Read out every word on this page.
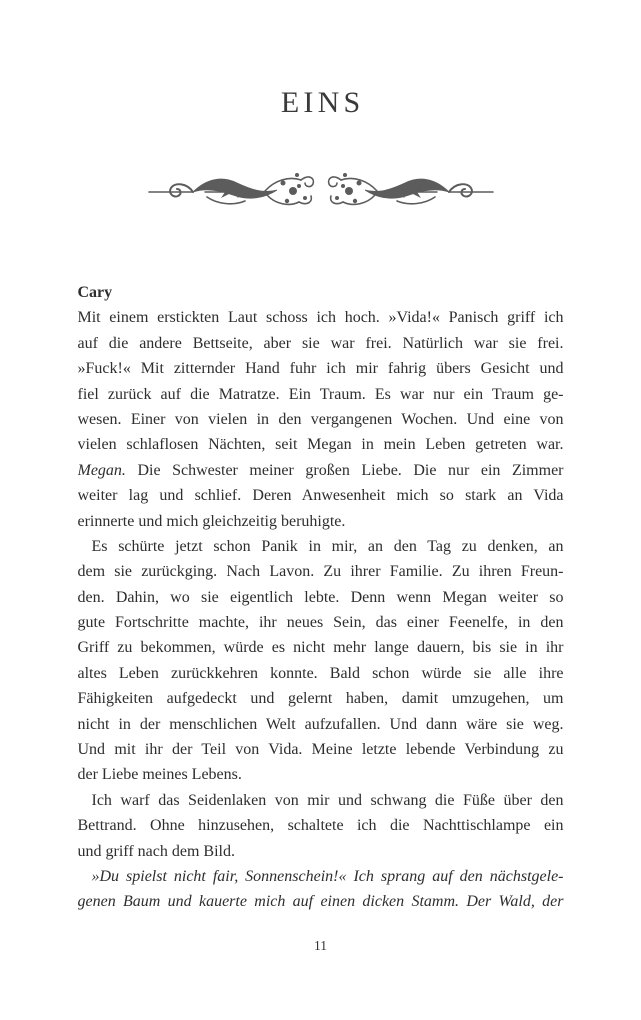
EINS
Cary
Mit einem erstickten Laut schoss ich hoch. »Vida!« Panisch griff ich
auf die andere Bettseite, aber sie war frei. Natürlich war sie frei.
»Fuck!« Mit zitternder Hand fuhr ich mir fahrig übers Gesicht und
fiel zurück auf die Matratze. Ein Traum. Es war nur ein Traum ge-
wesen. Einer von vielen in den vergangenen Wochen. Und eine von
vielen schlaflosen Nächten, seit Megan in mein Leben getreten war.
Megan. Die Schwester meiner großen Liebe. Die nur ein Zimmer
weiter lag und schlief. Deren Anwesenheit mich so stark an Vida
erinnerte und mich gleichzeitig beruhigte.
Es schürte jetzt schon Panik in mir, an den Tag zu denken, an
dem sie zurückging. Nach Lavon. Zu ihrer Familie. Zu ihren Freun-
den. Dahin, wo sie eigentlich lebte. Denn wenn Megan weiter so
gute Fortschritte machte, ihr neues Sein, das einer Feenelfe, in den
Griff zu bekommen, würde es nicht mehr lange dauern, bis sie in ihr
altes Leben zurückkehren konnte. Bald schon würde sie alle ihre
Fähigkeiten aufgedeckt und gelernt haben, damit umzugehen, um
nicht in der menschlichen Welt aufzufallen. Und dann wäre sie weg.
Und mit ihr der Teil von Vida. Meine letzte lebende Verbindung zu
der Liebe meines Lebens.
Ich warf das Seidenlaken von mir und schwang die Füße über den
Bettrand. Ohne hinzusehen, schaltete ich die Nachttischlampe ein
und griff nach dem Bild.
»Du spielst nicht fair, Sonnenschein!« Ich sprang auf den nächstgele-
genen Baum und kauerte mich auf einen dicken Stamm. Der Wald, der
11
